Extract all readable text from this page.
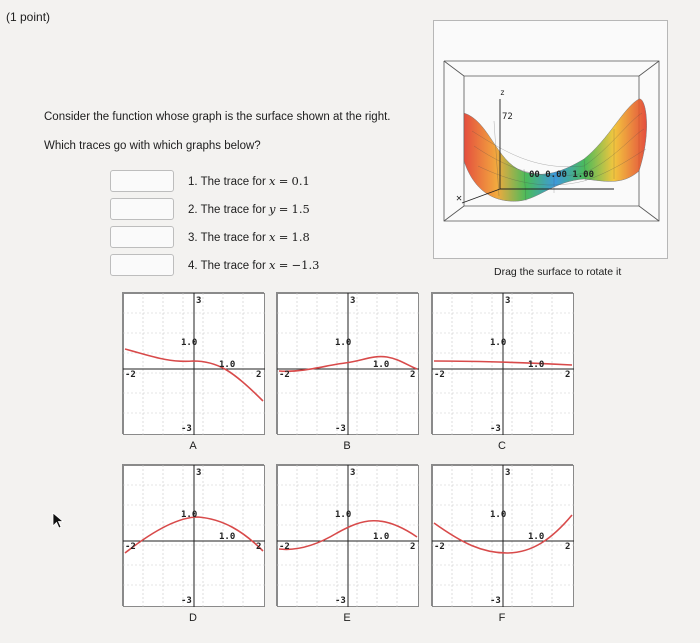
(1 point)
Consider the function whose graph is the surface shown at the right.
Which traces go with which graphs below?
1. The trace for x = 0.1
2. The trace for y = 1.5
3. The trace for x = 1.8
4. The trace for x = −1.3
z
72
00 0.00 1.00
✕
Drag the surface to rotate it
3
1.0
1.0
2
-2
-3
A
3
1.0
1.0
2
-2
-3
B
3
1.0
1.0
2
-2
-3
C
3
1.0
1.0
2
-2
-3
D
3
1.0
1.0
2
-2
-3
E
3
1.0
1.0
2
-2
-3
F
